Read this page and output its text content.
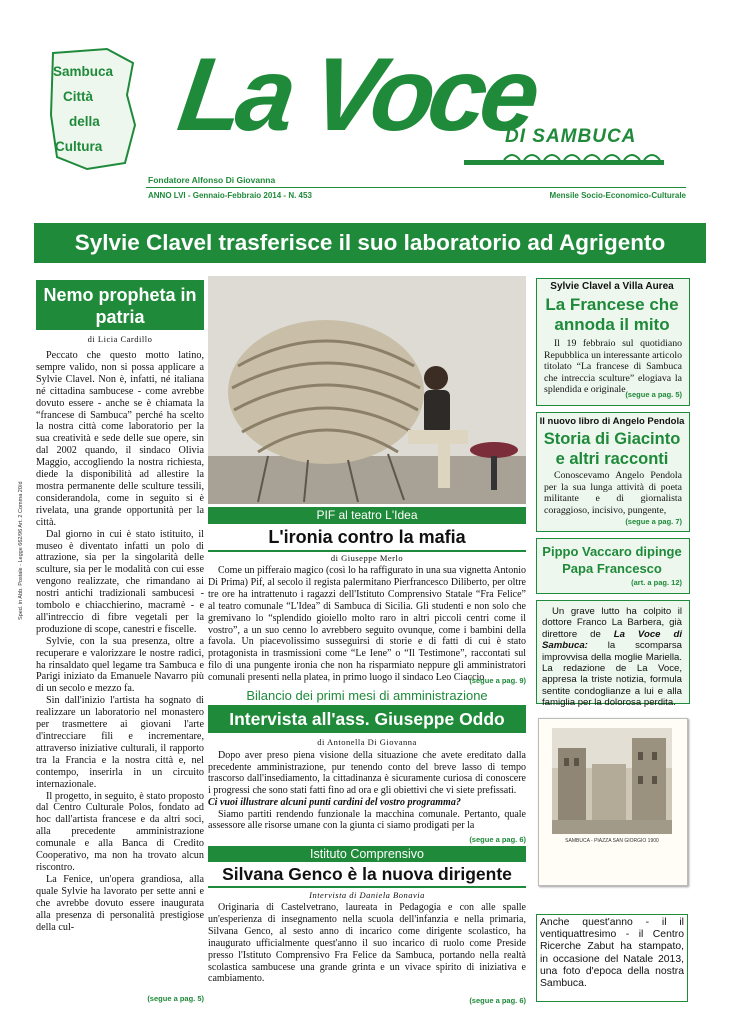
Sambuca
Città
della
Cultura La Voce
DI SAMBUCA
Fondatore Alfonso Di Giovanna
ANNO LVI - Gennaio-Febbraio 2014 - N. 453	Mensile Socio-Economico-Culturale
Sylvie Clavel trasferisce il suo laboratorio ad Agrigento
Sped. in Abb. Postale - Legge 662/96 Art. 2 Comma 20/d
Nemo propheta in patria
di Licia Cardillo

Peccato che questo motto latino, sempre valido, non si possa applicare a Sylvie Clavel. Non è, infatti, né italiana né cittadina sambucese - come avrebbe dovuto essere - anche se è chiamata la “francese di Sambuca” perché ha scelto la nostra città come laboratorio per la sua creatività e sede delle sue opere, sin dal 2002 quando, il sindaco Olivia Maggio, accogliendo la nostra richiesta, diede la disponibilità ad allestire la mostra permanente delle sculture tessili, considerandola, come in seguito si è rivelata, una grande opportunità per la città.

Dal giorno in cui è stato istituito, il museo è diventato infatti un polo di attrazione, sia per la singolarità delle sculture, sia per le modalità con cui esse vengono realizzate, che rimandano ai nostri antichi tradizionali sambucesi - tombolo e chiacchierino, macramè - e all'intreccio di fibre vegetali per la produzione di scope, canestri e fiscelle.

Sylvie, con la sua presenza, oltre a recuperare e valorizzare le nostre radici, ha rinsaldato quel legame tra Sambuca e Parigi iniziato da Emanuele Navarro più di un secolo e mezzo fa.

Sin dall'inizio l'artista ha sognato di realizzare un laboratorio nel monastero per trasmettere ai giovani l'arte d'intrecciare fili e incrementare, attraverso iniziative culturali, il rapporto tra la Francia e la nostra città e, nel contempo, inserirla in un circuito internazionale.

Il progetto, in seguito, è stato proposto dal Centro Culturale Polos, fondato ad hoc dall'artista francese e da altri soci, alla precedente amministrazione comunale e alla Banca di Credito Cooperativo, ma non ha trovato alcun riscontro.

La Fenice, un'opera grandiosa, alla quale Sylvie ha lavorato per sette anni e che avrebbe dovuto essere inaugurata alla presenza di personalità prestigiose della cul-

(segue a pag. 5)
PIF al teatro L'Idea
L'ironia contro la mafia
di Giuseppe Merlo
Come un pifferaio magico (così lo ha raffigurato in una sua vignetta Antonio Di Prima) Pif, al secolo il regista palermitano Pierfrancesco Diliberto, per oltre tre ore ha intrattenuto i ragazzi dell'Istituto Comprensivo Statale “Fra Felice” al teatro comunale “L'Idea” di Sambuca di Sicilia. Gli studenti e non solo che gremivano lo “splendido gioiello molto raro in altri piccoli centri come il vostro”, a un suo cenno lo avrebbero seguito ovunque, come i bambini della favola. Un piacevolissimo susseguirsi di storie e di fatti di cui è stato protagonista in trasmissioni come “Le Iene” o “Il Testimone”, raccontati sul filo di una pungente ironia che non ha risparmiato neppure gli amministratori comunali presenti nella platea, in primo luogo il sindaco Leo Ciaccio
(segue a pag. 9)
Bilancio dei primi mesi di amministrazione
Intervista all'ass. Giuseppe Oddo
di Antonella Di Giovanna

Dopo aver preso piena visione della situazione che avete ereditato dalla precedente amministrazione, pur tenendo conto del breve lasso di tempo trascorso dall'insediamento, la cittadinanza è sicuramente curiosa di conoscere i progressi che sono stati fatti fino ad ora e gli obiettivi che vi siete prefissati.

Ci vuoi illustrare alcuni punti cardini del vostro programma?

Siamo partiti rendendo funzionale la macchina comunale. Pertanto, quale assessore alle risorse umane con la giunta ci siamo prodigati per la

(segue a pag. 6)
Istituto Comprensivo
Silvana Genco è la nuova dirigente
Intervista di Daniela Bonavia
Originaria di Castelvetrano, laureata in Pedagogia e con alle spalle un'esperienza di insegnamento nella scuola dell'infanzia e nella primaria, Silvana Genco, al sesto anno di incarico come dirigente scolastico, ha inaugurato ufficialmente quest'anno il suo incarico di ruolo come Preside presso l'Istituto Comprensivo Fra Felice da Sambuca, portando nella realtà scolastica sambucese una grande grinta e un vivace spirito di iniziativa e cambiamento.
(segue a pag. 6)
Sylvie Clavel a Villa Aurea
La Francese che annoda il mito
Il 19 febbraio sul quotidiano Repubblica un interessante articolo titolato “La francese di Sambuca che intreccia sculture” elogiava la splendida e originale (segue a pag. 5)
Il nuovo libro di Angelo Pendola
Storia di Giacinto e altri racconti
Conoscevamo Angelo Pendola per la sua lunga attività di poeta militante e di giornalista coraggioso, incisivo, pungente,
(segue a pag. 7)
Pippo Vaccaro dipinge Papa Francesco
(art. a pag. 12)
Un grave lutto ha colpito il dottore Franco La Barbera, già direttore de La Voce di Sambuca: la scomparsa improvvisa della moglie Mariella. La redazione de La Voce, appresa la triste notizia, formula sentite condoglianze a lui e alla famiglia per la dolorosa perdita.
SAMBUCA - PIAZZA SAN GIORGIO 1900
Anche quest'anno - il il ventiquattresimo - il Centro Ricerche Zabut ha stampato, in occasione del Natale 2013, una foto d'epoca della nostra Sambuca.
